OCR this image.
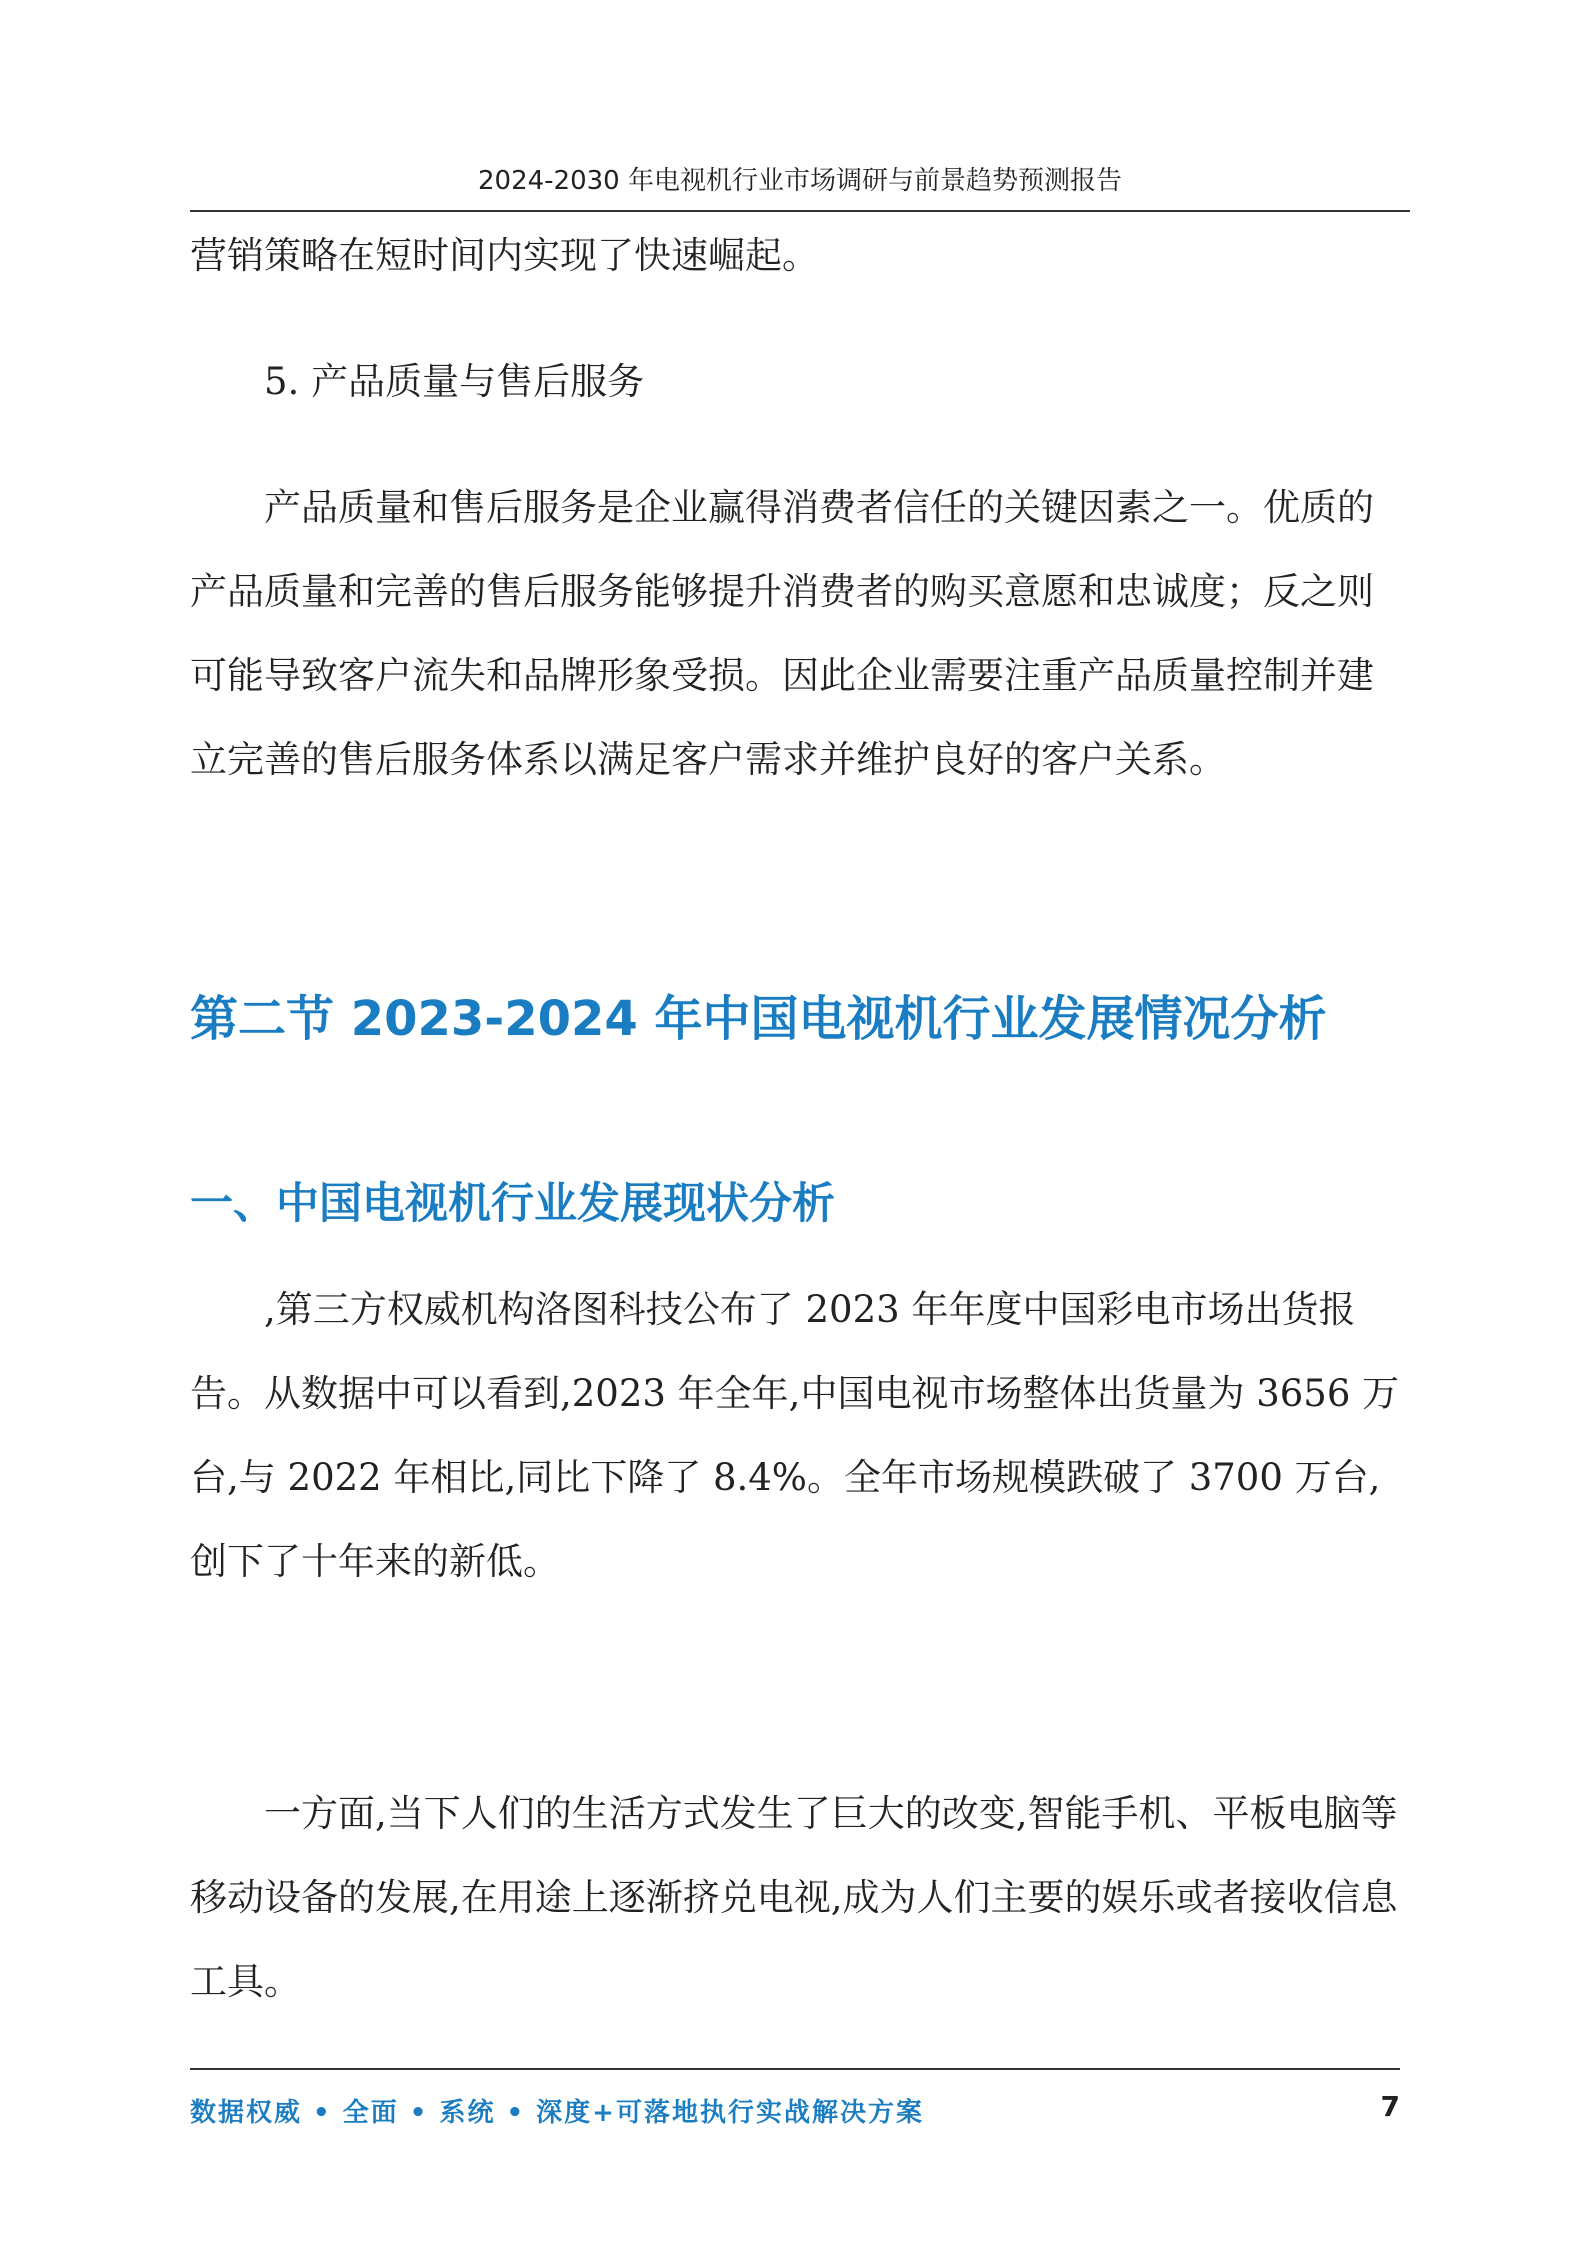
2024-2030 年电视机行业市场调研与前景趋势预测报告

营销策略在短时间内实现了快速崛起。

5. 产品质量与售后服务

产品质量和售后服务是企业赢得消费者信任的关键因素之一。优质的产品质量和完善的售后服务能够提升消费者的购买意愿和忠诚度；反之则可能导致客户流失和品牌形象受损。因此企业需要注重产品质量控制并建立完善的售后服务体系以满足客户需求并维护良好的客户关系。

第二节 2023-2024 年中国电视机行业发展情况分析
一、中国电视机行业发展现状分析

,第三方权威机构洛图科技公布了 2023 年年度中国彩电市场出货报告。从数据中可以看到,2023 年全年,中国电视市场整体出货量为 3656 万台,与 2022 年相比,同比下降了 8.4%。全年市场规模跌破了 3700 万台,创下了十年来的新低。

一方面,当下人们的生活方式发生了巨大的改变,智能手机、平板电脑等移动设备的发展,在用途上逐渐挤兑电视,成为人们主要的娱乐或者接收信息工具。

数据权威 • 全面 • 系统 • 深度+可落地执行实战解决方案	7
